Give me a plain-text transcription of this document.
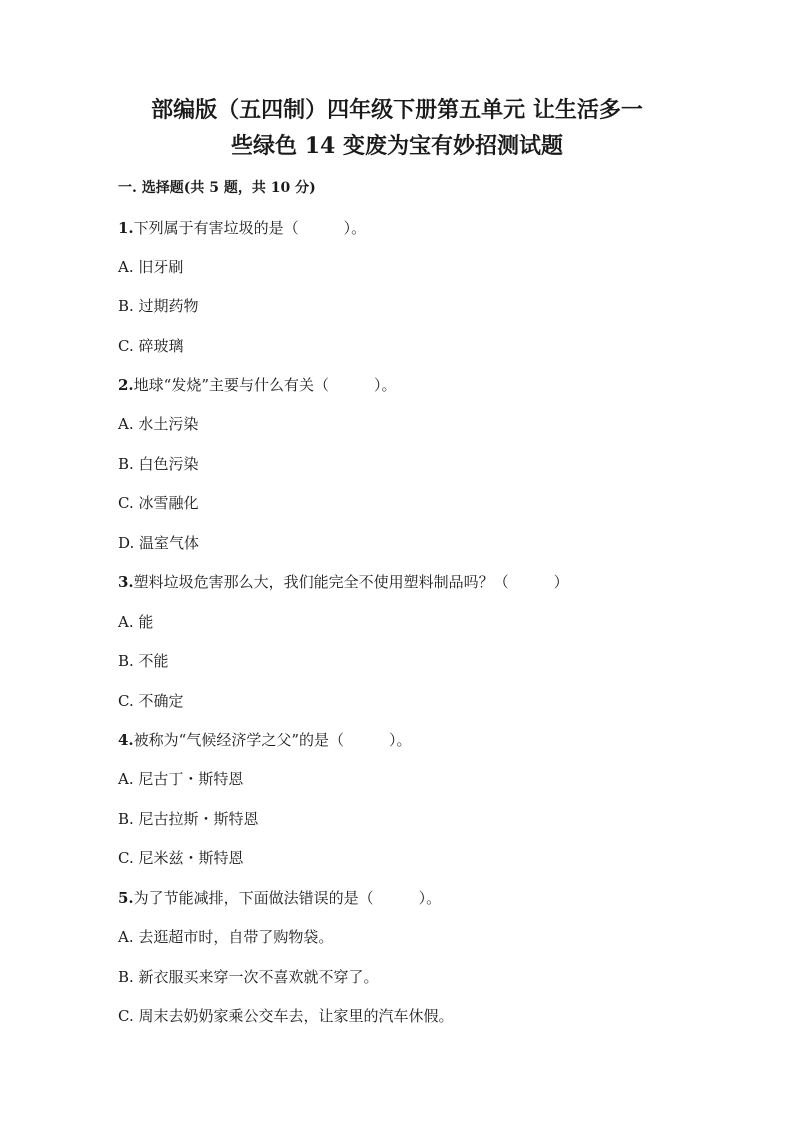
部编版（五四制）四年级下册第五单元 让生活多一
些绿色 14 变废为宝有妙招测试题
一. 选择题(共 5 题，共 10 分)
1.下列属于有害垃圾的是（　　　）。
A. 旧牙刷
B. 过期药物
C. 碎玻璃
2.地球“发烧”主要与什么有关（　　　）。
A. 水土污染
B. 白色污染
C. 冰雪融化
D. 温室气体
3.塑料垃圾危害那么大，我们能完全不使用塑料制品吗？（　　　）
A. 能
B. 不能
C. 不确定
4.被称为“气候经济学之父”的是（　　　）。
A. 尼古丁・斯特恩
B. 尼古拉斯・斯特恩
C. 尼米兹・斯特恩
5.为了节能减排，下面做法错误的是（　　　）。
A. 去逛超市时，自带了购物袋。
B. 新衣服买来穿一次不喜欢就不穿了。
C. 周末去奶奶家乘公交车去，让家里的汽车休假。
